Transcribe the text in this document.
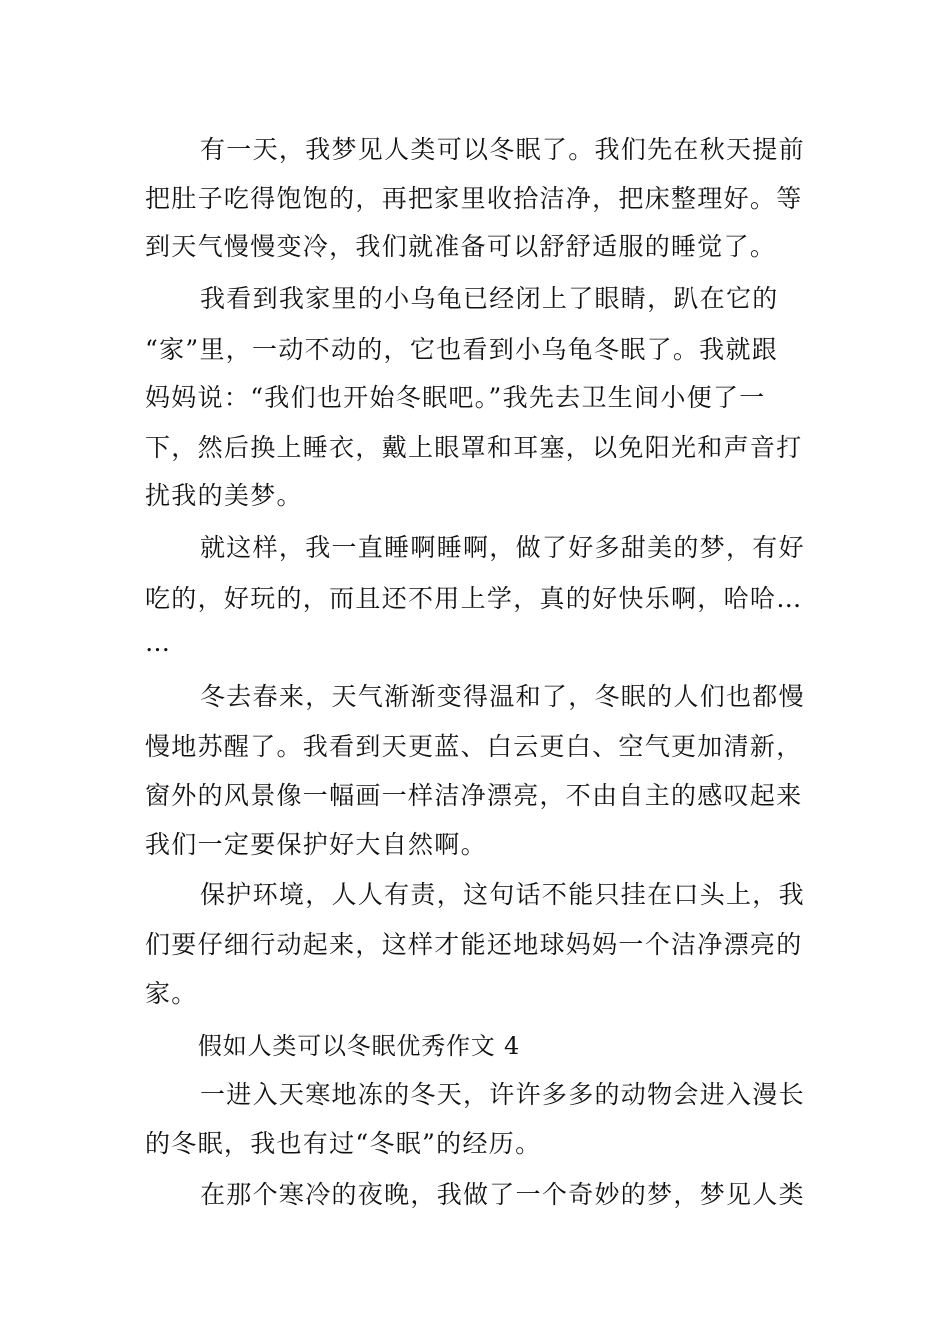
有一天，我梦见人类可以冬眠了。我们先在秋天提前
把肚子吃得饱饱的，再把家里收拾洁净，把床整理好。等
到天气慢慢变冷，我们就准备可以舒舒适服的睡觉了。
我看到我家里的小乌龟已经闭上了眼睛，趴在它的
“家”里，一动不动的，它也看到小乌龟冬眠了。我就跟
妈妈说：“我们也开始冬眠吧。”我先去卫生间小便了一
下，然后换上睡衣，戴上眼罩和耳塞，以免阳光和声音打
扰我的美梦。
就这样，我一直睡啊睡啊，做了好多甜美的梦，有好
吃的，好玩的，而且还不用上学，真的好快乐啊，哈哈…
…
冬去春来，天气渐渐变得温和了，冬眠的人们也都慢
慢地苏醒了。我看到天更蓝、白云更白、空气更加清新，
窗外的风景像一幅画一样洁净漂亮，不由自主的感叹起来
我们一定要保护好大自然啊。
保护环境，人人有责，这句话不能只挂在口头上，我
们要仔细行动起来，这样才能还地球妈妈一个洁净漂亮的
家。
假如人类可以冬眠优秀作文 4
一进入天寒地冻的冬天，许许多多的动物会进入漫长
的冬眠，我也有过“冬眠”的经历。
在那个寒冷的夜晚，我做了一个奇妙的梦，梦见人类
